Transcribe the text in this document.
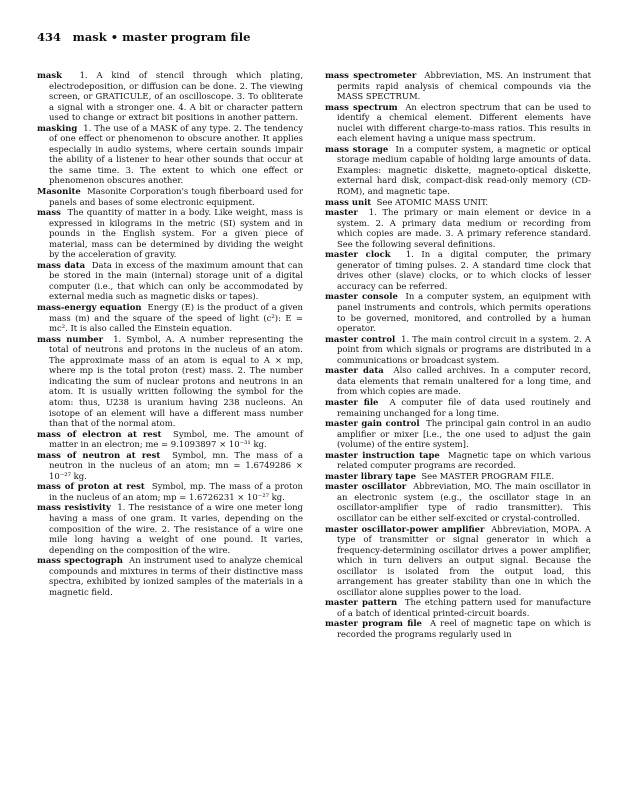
434 mask • master program file

mask 1. A kind of stencil through which plating, electrodeposition, or diffusion can be done. 2. The viewing screen, or GRATICULE, of an oscilloscope. 3. To obliterate a signal with a stronger one. 4. A bit or character pattern used to change or extract bit positions in another pattern.

masking 1. The use of a MASK of any type. 2. The tendency of one effect or phenomenon to obscure another. It applies especially in audio systems, where certain sounds impair the ability of a listener to hear other sounds that occur at the same time. 3. The extent to which one effect or phenomenon obscures another.

Masonite Masonite Corporation's tough fiberboard used for panels and bases of some electronic equipment.

mass The quantity of matter in a body. Like weight, mass is expressed in kilograms in the metric (SI) system and in pounds in the English system. For a given piece of material, mass can be determined by dividing the weight by the acceleration of gravity.

mass data Data in excess of the maximum amount that can be stored in the main (internal) storage unit of a digital computer (i.e., that which can only be accommodated by external media such as magnetic disks or tapes).

mass-energy equation Energy (E) is the product of a given mass (m) and the square of the speed of light (c²): E = mc². It is also called the Einstein equation.

mass number 1. Symbol, A. A number representing the total of neutrons and protons in the nucleus of an atom. The approximate mass of an atom is equal to A × mp, where mp is the total proton (rest) mass. 2. The number indicating the sum of nuclear protons and neutrons in an atom. It is usually written following the symbol for the atom: thus, U238 is uranium having 238 nucleons. An isotope of an element will have a different mass number than that of the normal atom.

mass of electron at rest Symbol, me. The amount of matter in an electron; me = 9.1093897 × 10⁻³¹ kg.

mass of neutron at rest Symbol, mn. The mass of a neutron in the nucleus of an atom; mn = 1.6749286 × 10⁻²⁷ kg.

mass of proton at rest Symbol, mp. The mass of a proton in the nucleus of an atom; mp = 1.6726231 × 10⁻²⁷ kg.

mass resistivity 1. The resistance of a wire one meter long having a mass of one gram. It varies, depending on the composition of the wire. 2. The resistance of a wire one mile long having a weight of one pound. It varies, depending on the composition of the wire.

mass spectograph An instrument used to analyze chemical compounds and mixtures in terms of their distinctive mass spectra, exhibited by ionized samples of the materials in a magnetic field.

mass spectrometer Abbreviation, MS. An instrument that permits rapid analysis of chemical compounds via the MASS SPECTRUM.

mass spectrum An electron spectrum that can be used to identify a chemical element. Different elements have nuclei with different charge-to-mass ratios. This results in each element having a unique mass spectrum.

mass storage In a computer system, a magnetic or optical storage medium capable of holding large amounts of data. Examples: magnetic diskette, magneto-optical diskette, external hard disk, compact-disk read-only memory (CD-ROM), and magnetic tape.

mass unit See ATOMIC MASS UNIT.

master 1. The primary or main element or device in a system. 2. A primary data medium or recording from which copies are made. 3. A primary reference standard. See the following several definitions.

master clock 1. In a digital computer, the primary generator of timing pulses. 2. A standard time clock that drives other (slave) clocks, or to which clocks of lesser accuracy can be referred.

master console In a computer system, an equipment with panel instruments and controls, which permits operations to be governed, monitored, and controlled by a human operator.

master control 1. The main control circuit in a system. 2. A point from which signals or programs are distributed in a communications or broadcast system.

master data Also called archives. In a computer record, data elements that remain unaltered for a long time, and from which copies are made.

master file A computer file of data used routinely and remaining unchanged for a long time.

master gain control The principal gain control in an audio amplifier or mixer [i.e., the one used to adjust the gain (volume) of the entire system].

master instruction tape Magnetic tape on which various related computer programs are recorded.

master library tape See MASTER PROGRAM FILE.

master oscillator Abbreviation, MO. The main oscillator in an electronic system (e.g., the oscillator stage in an oscillator-amplifier type of radio transmitter). This oscillator can be either self-excited or crystal-controlled.

master oscillator-power amplifier Abbreviation, MOPA. A type of transmitter or signal generator in which a frequency-determining oscillator drives a power amplifier, which in turn delivers an output signal. Because the oscillator is isolated from the output load, this arrangement has greater stability than one in which the oscillator alone supplies power to the load.

master pattern The etching pattern used for manufacture of a batch of identical printed-circuit boards.

master program file A reel of magnetic tape on which is recorded the programs regularly used in
